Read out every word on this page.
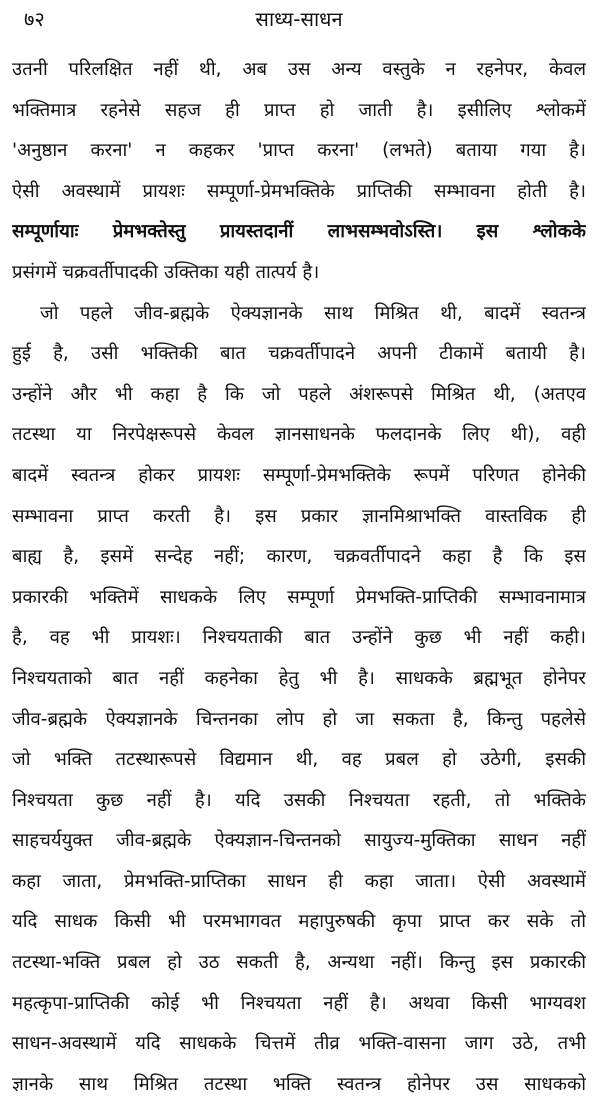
७२	साध्य-साधन
उतनी परिलक्षित नहीं थी, अब उस अन्य वस्तुके न रहनेपर, केवल
भक्तिमात्र रहनेसे सहज ही प्राप्त हो जाती है। इसीलिए श्लोकमें
'अनुष्ठान करना' न कहकर 'प्राप्त करना' (लभते) बताया गया है।
ऐसी अवस्थामें प्रायशः सम्पूर्णा-प्रेमभक्तिके प्राप्तिकी सम्भावना होती है।
सम्पूर्णायाः प्रेमभक्तेस्तु प्रायस्तदानीं लाभसम्भवोऽस्ति। इस श्लोकके
प्रसंगमें चक्रवर्तीपादकी उक्तिका यही तात्पर्य है।
जो पहले जीव-ब्रह्मके ऐक्यज्ञानके साथ मिश्रित थी, बादमें स्वतन्त्र
हुई है, उसी भक्तिकी बात चक्रवर्तीपादने अपनी टीकामें बतायी है।
उन्होंने और भी कहा है कि जो पहले अंशरूपसे मिश्रित थी, (अतएव
तटस्था या निरपेक्षरूपसे केवल ज्ञानसाधनके फलदानके लिए थी), वही
बादमें स्वतन्त्र होकर प्रायशः सम्पूर्णा-प्रेमभक्तिके रूपमें परिणत होनेकी
सम्भावना प्राप्त करती है। इस प्रकार ज्ञानमिश्राभक्ति वास्तविक ही
बाह्य है, इसमें सन्देह नहीं; कारण, चक्रवर्तीपादने कहा है कि इस
प्रकारकी भक्तिमें साधकके लिए सम्पूर्णा प्रेमभक्ति-प्राप्तिकी सम्भावनामात्र
है, वह भी प्रायशः। निश्चयताकी बात उन्होंने कुछ भी नहीं कही।
निश्चयताको बात नहीं कहनेका हेतु भी है। साधकके ब्रह्मभूत होनेपर
जीव-ब्रह्मके ऐक्यज्ञानके चिन्तनका लोप हो जा सकता है, किन्तु पहलेसे
जो भक्ति तटस्थारूपसे विद्यमान थी, वह प्रबल हो उठेगी, इसकी
निश्चयता कुछ नहीं है। यदि उसकी निश्चयता रहती, तो भक्तिके
साहचर्ययुक्त जीव-ब्रह्मके ऐक्यज्ञान-चिन्तनको सायुज्य-मुक्तिका साधन नहीं
कहा जाता, प्रेमभक्ति-प्राप्तिका साधन ही कहा जाता। ऐसी अवस्थामें
यदि साधक किसी भी परमभागवत महापुरुषकी कृपा प्राप्त कर सके तो
तटस्था-भक्ति प्रबल हो उठ सकती है, अन्यथा नहीं। किन्तु इस प्रकारकी
महत्कृपा-प्राप्तिकी कोई भी निश्चयता नहीं है। अथवा किसी भाग्यवश
साधन-अवस्थामें यदि साधकके चित्तमें तीव्र भक्ति-वासना जाग उठे, तभी
ज्ञानके साथ मिश्रित तटस्था भक्ति स्वतन्त्र होनेपर उस साधकको
